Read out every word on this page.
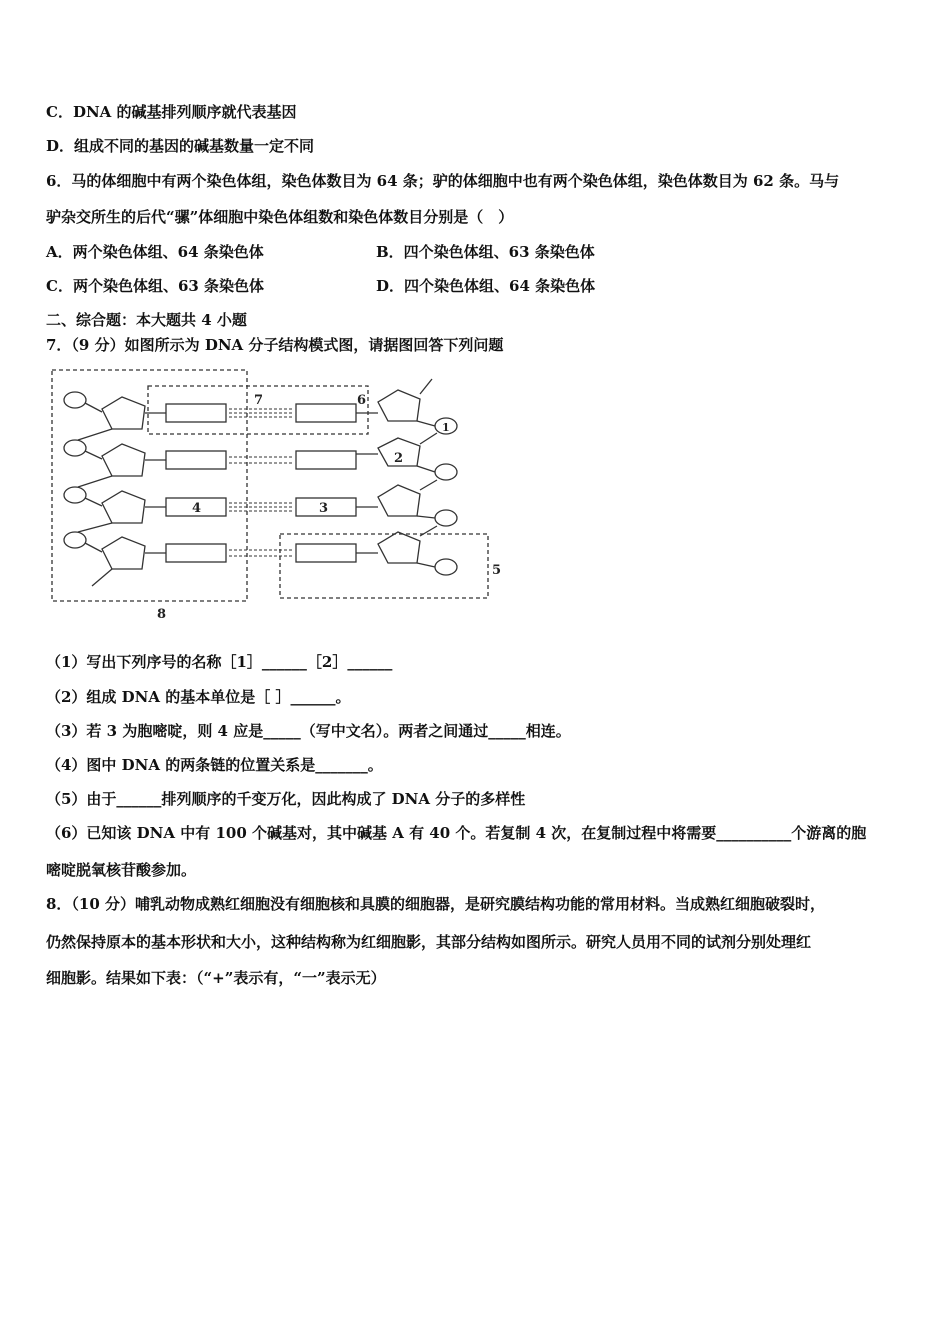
C．DNA 的碱基排列顺序就代表基因
D．组成不同的基因的碱基数量一定不同
6．马的体细胞中有两个染色体组，染色体数目为 64 条；驴的体细胞中也有两个染色体组，染色体数目为 62 条。马与
驴杂交所生的后代“骡”体细胞中染色体组数和染色体数目分别是（　）
A．两个染色体组、64 条染色体	B．四个染色体组、63 条染色体
C．两个染色体组、63 条染色体	D．四个染色体组、64 条染色体
二、综合题：本大题共 4 小题
7．（9 分）如图所示为 DNA 分子结构模式图，请据图回答下列问题
7	6
1
2
4	3
5
8
（1）写出下列序号的名称［1］______［2］______
（2）组成 DNA 的基本单位是［ ］______。
（3）若 3 为胞嘧啶，则 4 应是_____（写中文名）。两者之间通过_____相连。
（4）图中 DNA 的两条链的位置关系是_______。
（5）由于______排列顺序的千变万化，因此构成了 DNA 分子的多样性
（6）已知该 DNA 中有 100 个碱基对，其中碱基 A 有 40 个。若复制 4 次，在复制过程中将需要__________个游离的胞
嘧啶脱氧核苷酸参加。
8．（10 分）哺乳动物成熟红细胞没有细胞核和具膜的细胞器，是研究膜结构功能的常用材料。当成熟红细胞破裂时，
仍然保持原本的基本形状和大小，这种结构称为红细胞影，其部分结构如图所示。研究人员用不同的试剂分别处理红
细胞影。结果如下表：（“+”表示有，“一”表示无）
